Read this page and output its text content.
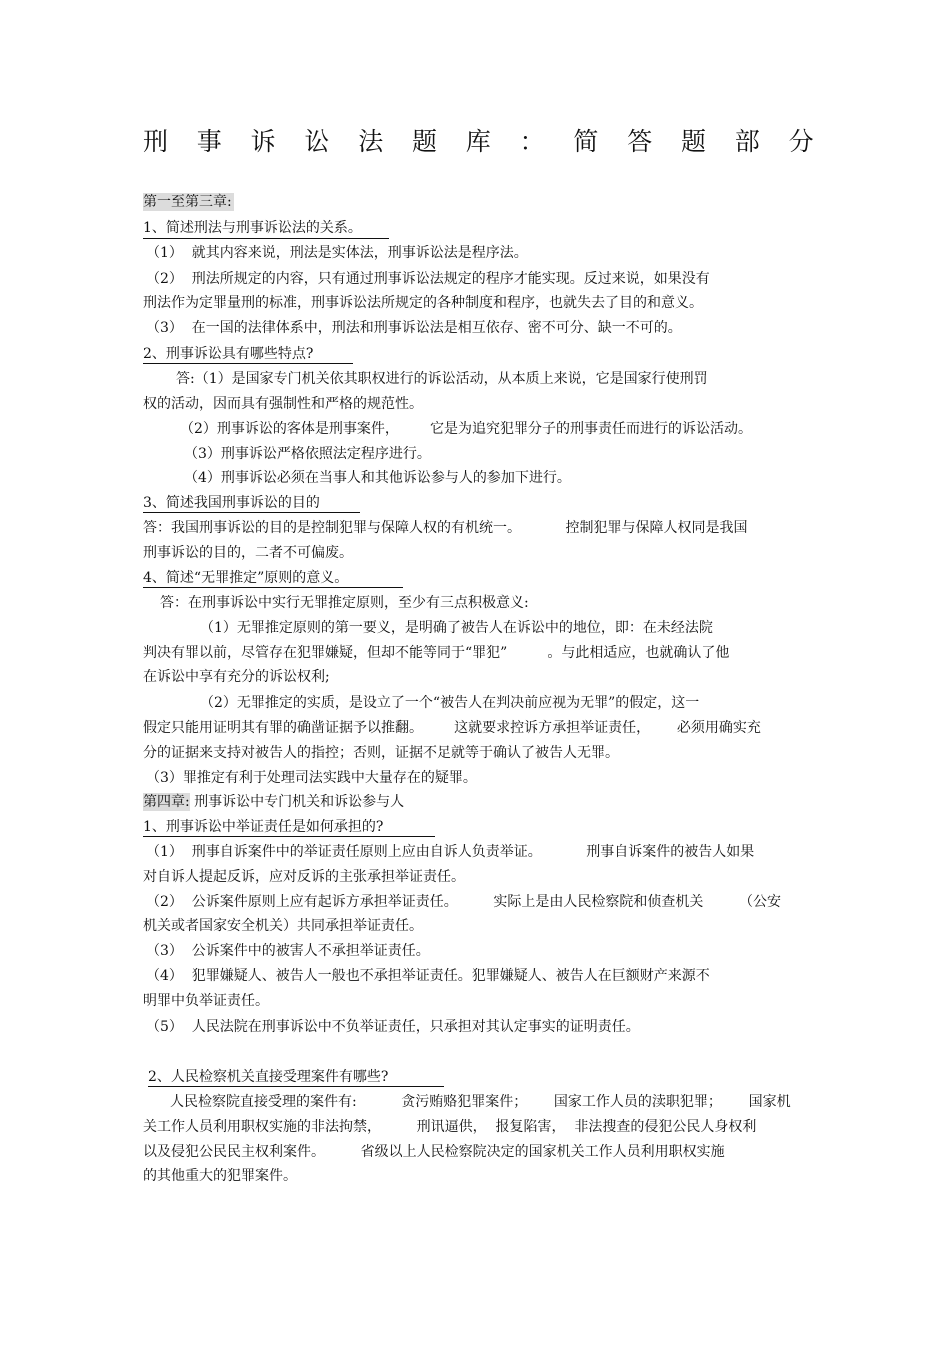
刑事诉讼法题库：简答题部分
第一至第三章:
1、简述刑法与刑事诉讼法的关系。
（1）  就其内容来说，刑法是实体法，刑事诉讼法是程序法。
（2）  刑法所规定的内容，只有通过刑事诉讼法规定的程序才能实现。反过来说，如果没有
刑法作为定罪量刑的标准，刑事诉讼法所规定的各种制度和程序，也就失去了目的和意义。
（3）  在一国的法律体系中，刑法和刑事诉讼法是相互依存、密不可分、缺一不可的。
2、刑事诉讼具有哪些特点?
答:（1）是国家专门机关依其职权进行的诉讼活动，从本质上来说，它是国家行使刑罚
权的活动，因而具有强制性和严格的规范性。
（2）刑事诉讼的客体是刑事案件，       它是为追究犯罪分子的刑事责任而进行的诉讼活动。
（3）刑事诉讼严格依照法定程序进行。
（4）刑事诉讼必须在当事人和其他诉讼参与人的参加下进行。
3、简述我国刑事诉讼的目的
答：我国刑事诉讼的目的是控制犯罪与保障人权的有机统一。          控制犯罪与保障人权同是我国
刑事诉讼的目的，二者不可偏废。
4、简述“无罪推定”原则的意义。
答：在刑事诉讼中实行无罪推定原则，至少有三点积极意义:
（1）无罪推定原则的第一要义，是明确了被告人在诉讼中的地位，即：在未经法院
判决有罪以前，尽管存在犯罪嫌疑，但却不能等同于“罪犯”         。与此相适应，也就确认了他
在诉讼中享有充分的诉讼权利;
（2）无罪推定的实质，是设立了一个“被告人在判决前应视为无罪”的假定，这一
假定只能用证明其有罪的确凿证据予以推翻。       这就要求控诉方承担举证责任，      必须用确实充
分的证据来支持对被告人的指控；否则，证据不足就等于确认了被告人无罪。
（3）罪推定有利于处理司法实践中大量存在的疑罪。
第四章: 刑事诉讼中专门机关和诉讼参与人
1、刑事诉讼中举证责任是如何承担的?
（1）  刑事自诉案件中的举证责任原则上应由自诉人负责举证。          刑事自诉案件的被告人如果
对自诉人提起反诉，应对反诉的主张承担举证责任。
（2）  公诉案件原则上应有起诉方承担举证责任。        实际上是由人民检察院和侦查机关        （公安
机关或者国家安全机关）共同承担举证责任。
（3）  公诉案件中的被害人不承担举证责任。
（4）  犯罪嫌疑人、被告人一般也不承担举证责任。犯罪嫌疑人、被告人在巨额财产来源不
明罪中负举证责任。
（5）  人民法院在刑事诉讼中不负举证责任，只承担对其认定事实的证明责任。
2、人民检察机关直接受理案件有哪些?
人民检察院直接受理的案件有:          贪污贿赂犯罪案件；      国家工作人员的渎职犯罪；      国家机
关工作人员利用职权实施的非法拘禁，        刑讯逼供，  报复陷害，  非法搜查的侵犯公民人身权利
以及侵犯公民民主权利案件。        省级以上人民检察院决定的国家机关工作人员利用职权实施
的其他重大的犯罪案件。
